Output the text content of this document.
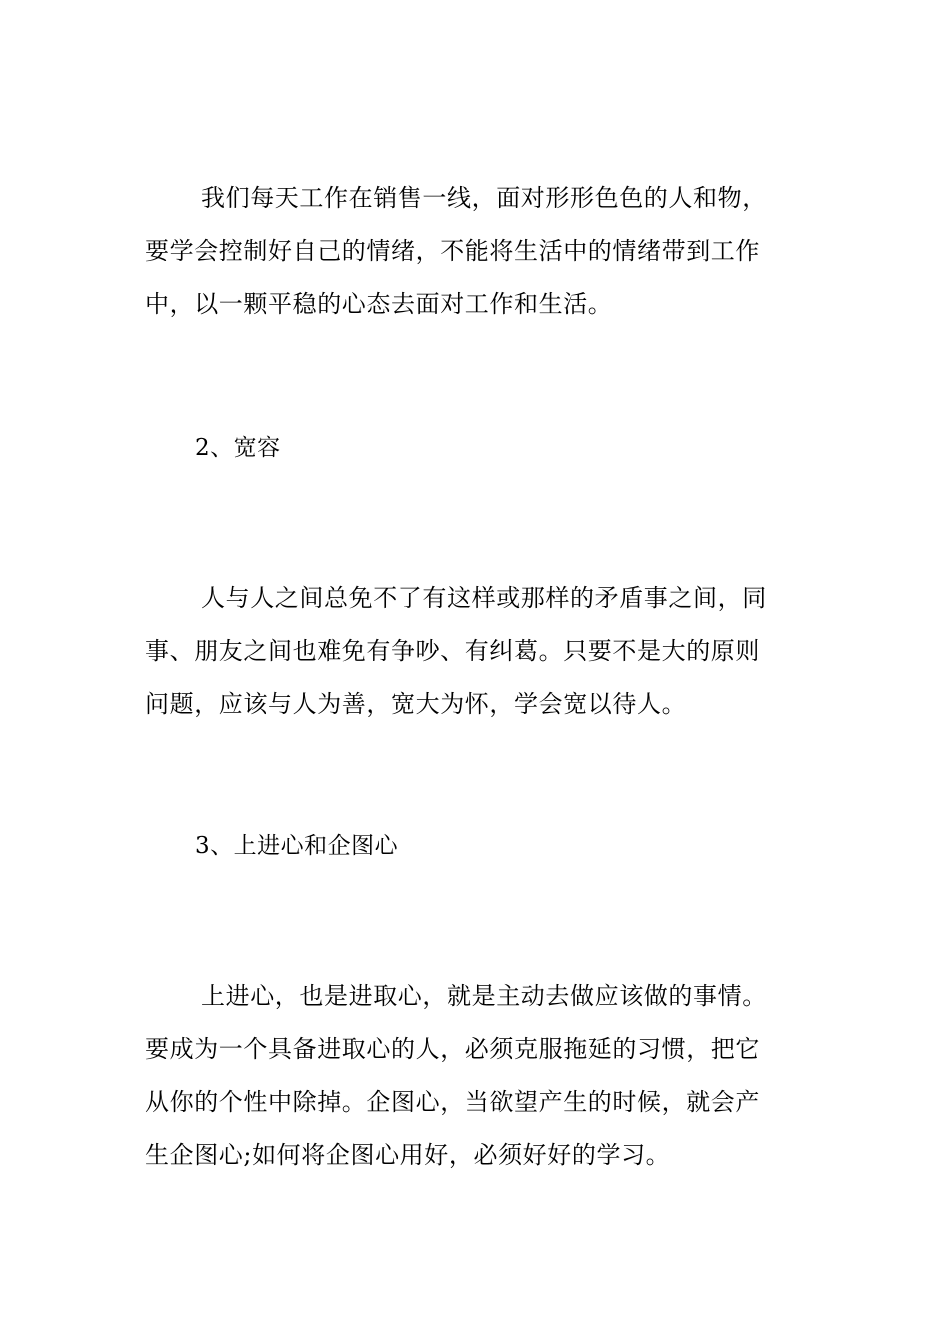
我们每天工作在销售一线，面对形形色色的人和物，
要学会控制好自己的情绪，不能将生活中的情绪带到工作
中，以一颗平稳的心态去面对工作和生活。

2、宽容

人与人之间总免不了有这样或那样的矛盾事之间，同
事、朋友之间也难免有争吵、有纠葛。只要不是大的原则
问题，应该与人为善，宽大为怀，学会宽以待人。

3、上进心和企图心

上进心，也是进取心，就是主动去做应该做的事情。
要成为一个具备进取心的人，必须克服拖延的习惯，把它
从你的个性中除掉。企图心，当欲望产生的时候，就会产
生企图心;如何将企图心用好，必须好好的学习。
